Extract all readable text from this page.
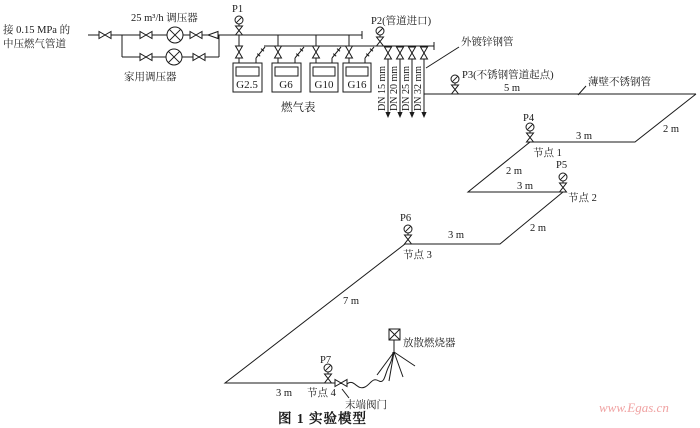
接 0.15 MPa 的
中压燃气管道
25 m³/h 调压器
家用调压器
P1
P2(管道进口)
P3(不锈钢管道起点)
P4
P5
P6
P7
G2.5 G6 G10 G16
燃气表	DN 15 mm DN 20 mm DN 25 mm DN 32 mm
外镀锌钢管
薄壁不锈钢管
5 m
2 m
3 m
2 m
3 m
2 m
3 m
7 m
3 m
节点 1
节点 2
节点 3
节点 4
末端阀门
放散燃烧器
图 1 实验模型
www.Egas.cn
